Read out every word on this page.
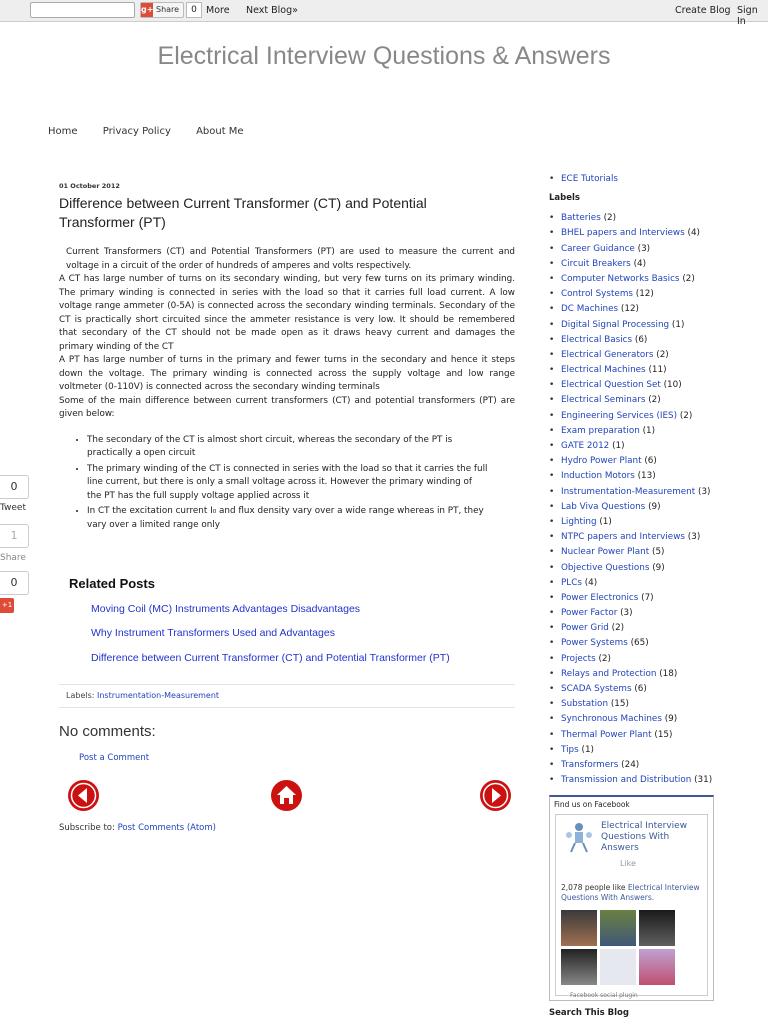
g+ Share	0 More Next Blog»	Create Blog Sign In
Electrical Interview Questions & Answers
Home	Privacy Policy	About Me
01 October 2012
Difference between Current Transformer (CT) and Potential Transformer (PT)

Current Transformers (CT) and Potential Transformers (PT) are used to measure the current and voltage in a circuit of the order of hundreds of amperes and volts respectively.

A CT has large number of turns on its secondary winding, but very few turns on its primary winding. The primary winding is connected in series with the load so that it carries full load current. A low voltage range ammeter (0-5A) is connected across the secondary winding terminals. Secondary of the CT is practically short circuited since the ammeter resistance is very low. It should be remembered that secondary of the CT should not be made open as it draws heavy current and damages the primary winding of the CT

A PT has large number of turns in the primary and fewer turns in the secondary and hence it steps down the voltage. The primary winding is connected across the supply voltage and low range voltmeter (0-110V) is connected across the secondary winding terminals

Some of the main difference between current transformers (CT) and potential transformers (PT) are given below:

• The secondary of the CT is almost short circuit, whereas the secondary of the PT is practically a open circuit
• The primary winding of the CT is connected in series with the load so that it carries the full line current, but there is only a small voltage across it. However the primary winding of the PT has the full supply voltage applied across it
• In CT the excitation current I₀ and flux density vary over a wide range whereas in PT, they vary over a limited range only
Related Posts
Moving Coil (MC) Instruments Advantages Disadvantages
Why Instrument Transformers Used and Advantages
Difference between Current Transformer (CT) and Potential Transformer (PT)
Labels: Instrumentation-Measurement
No comments:
Post a Comment
Subscribe to: Post Comments (Atom)
0
Tweet
1
Share
0
+1
• ECE Tutorials
Labels
• Batteries (2)
• BHEL papers and Interviews (4)
• Career Guidance (3)
• Circuit Breakers (4)
• Computer Networks Basics (2)
• Control Systems (12)
• DC Machines (12)
• Digital Signal Processing (1)
• Electrical Basics (6)
• Electrical Generators (2)
• Electrical Machines (11)
• Electrical Question Set (10)
• Electrical Seminars (2)
• Engineering Services (IES) (2)
• Exam preparation (1)
• GATE 2012 (1)
• Hydro Power Plant (6)
• Induction Motors (13)
• Instrumentation-Measurement (3)
• Lab Viva Questions (9)
• Lighting (1)
• NTPC papers and Interviews (3)
• Nuclear Power Plant (5)
• Objective Questions (9)
• PLCs (4)
• Power Electronics (7)
• Power Factor (3)
• Power Grid (2)
• Power Systems (65)
• Projects (2)
• Relays and Protection (18)
• SCADA Systems (6)
• Substation (15)
• Synchronous Machines (9)
• Thermal Power Plant (15)
• Tips (1)
• Transformers (24)
• Transmission and Distribution (31)
Find us on Facebook
Electrical Interview Questions With Answers
Like
2,078 people like Electrical Interview Questions With Answers.
Facebook social plugin
Search This Blog
